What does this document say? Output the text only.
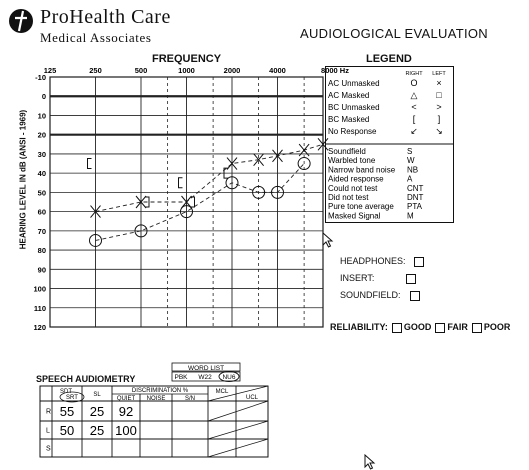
ProHealth Care
Medical Associates	AUDIOLOGICAL EVALUATION
FREQUENCY	LEGEND
HEARING LEVEL IN dB (ANSI - 1969)
-10
0
10
20
30
40
50
60
70
80
90
100
110
120
125	250	500	1000	2000	4000	8000 Hz	RIGHT LEFT
AC Unmasked	O ×
AC Masked	△ □
BC Unmasked	< >
BC Masked	[ ]
No Response	↙ ↘
Soundfield	S
Warbled tone	W
Narrow band noise NB
Aided response	A
Could not test	CNT
Did not test	DNT
Pure tone average PTA
Masked Signal	M
HEADPHONES:
INSERT:
SOUNDFIELD:
RELIABILITY: GOOD FAIR POOR
SPEECH AUDIOMETRY
WORD LIST
PBK W22 NU6
SDT
SRT	SL
DISCRIMINATION %
QUIET NOISE	S/N
MCL
UCL
R 55 25 92
L 50 25 100
S
